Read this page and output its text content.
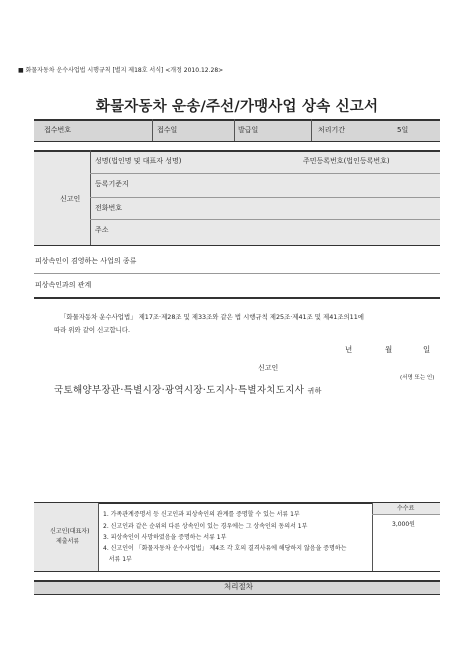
■ 화물자동차 운수사업법 시행규칙 [별지 제18호 서식] <개정 2010.12.28>
화물자동차 운송/주선/가맹사업 상속 신고서
접수번호	접수일	발급일	처리기간	5일
신고인
성명(법인명 및 대표자 성명)	주민등록번호(법인등록번호)
등록기준지
전화번호
주소
피상속인이 겸영하는 사업의 종류
피상속인과의 관계
「화물자동차 운수사업법」 제17조·제28조 및 제33조와 같은 법 시행규칙 제25조·제41조 및 제41조의11에
따라 위와 같이 신고합니다.
년	월	일
신고인
(서명 또는 인)
국토해양부장관·특별시장·광역시장·도지사·특별자치도지사 귀하
신고인(대표자)
제출서류
수수료
3,000원
1. 가족관계증명서 등 신고인과 피상속인의 관계를 증명할 수 있는 서류 1부
2. 신고인과 같은 순위의 다른 상속인이 있는 경우에는 그 상속인의 동의서 1부
3. 피상속인이 사망하였음을 증명하는 서류 1부
4. 신고인이 「화물자동차 운수사업법」 제4조 각 호의 결격사유에 해당하지 않음을 증명하는
서류 1부
처리절차
